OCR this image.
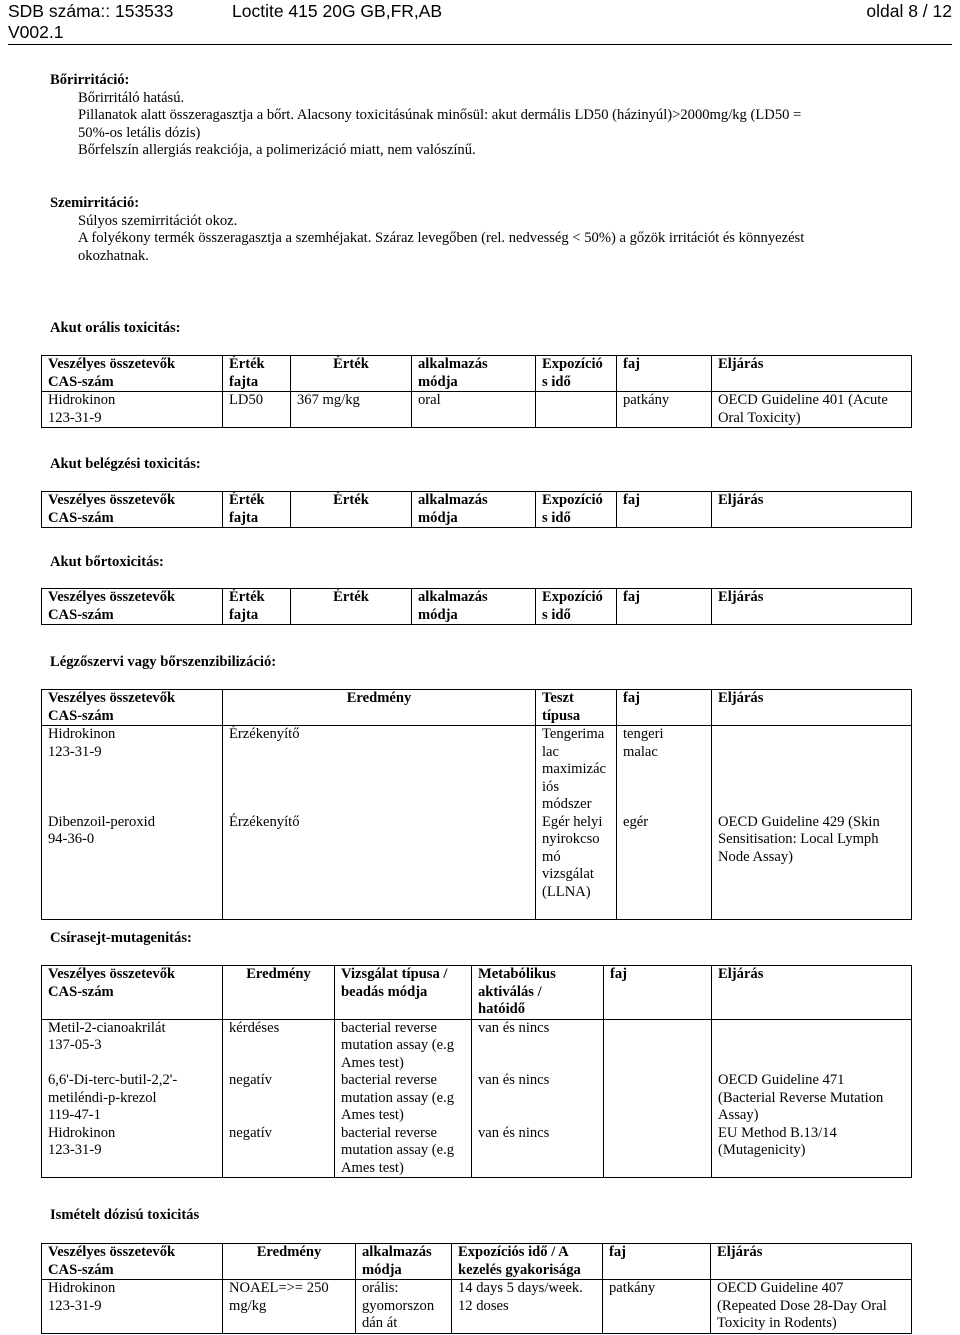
SDB száma:: 153533	Loctite 415 20G GB,FR,AB	oldal 8 / 12
V002.1
Bőrirritáció:
Bőrirritáló hatású.
Pillanatok alatt összeragasztja a bőrt. Alacsony toxicitásúnak minősül: akut dermális LD50 (házinyúl)>2000mg/kg (LD50 =
50%-os letális dózis)
Bőrfelszín allergiás reakciója, a polimerizáció miatt, nem valószínű.
Szemirritáció:
Súlyos szemirritációt okoz.
A folyékony termék összeragasztja a szemhéjakat. Száraz levegőben (rel. nedvesség < 50%) a gőzök irritációt és könnyezést
okozhatnak.
Akut orális toxicitás:
Veszélyes összetevők
CAS-szám	Érték
fajta	Érték	alkalmazás
módja	Expozíció
s idő	faj	Eljárás
Hidrokinon
123-31-9	LD50	367 mg/kg	oral		patkány	OECD Guideline 401 (Acute
Oral Toxicity)
Akut belégzési toxicitás:
Veszélyes összetevők
CAS-szám	Érték
fajta	Érték	alkalmazás
módja	Expozíció
s idő	faj	Eljárás
Akut bőrtoxicitás:
Veszélyes összetevők
CAS-szám	Érték
fajta	Érték	alkalmazás
módja	Expozíció
s idő	faj	Eljárás
Légzőszervi vagy bőrszenzibilizáció:
Veszélyes összetevők
CAS-szám	Eredmény	Teszt
típusa	faj	Eljárás
Hidrokinon
123-31-9	Érzékenyítő	Tengerima
lac
maximizác
iós
módszer	tengeri
malac	
Dibenzoil-peroxid
94-36-0	Érzékenyítő	Egér helyi
nyirokcso
mó
vizsgálat
(LLNA)	egér	OECD Guideline 429 (Skin
Sensitisation: Local Lymph
Node Assay)
Csírasejt-mutagenitás:
Veszélyes összetevők
CAS-szám	Eredmény	Vizsgálat típusa /
beadás módja	Metabólikus
aktiválás /
hatóidő	faj	Eljárás
Metil-2-cianoakrilát
137-05-3	kérdéses	bacterial reverse
mutation assay (e.g
Ames test)	van és nincs		
6,6'-Di-terc-butil-2,2'-
metiléndi-p-krezol
119-47-1	negatív	bacterial reverse
mutation assay (e.g
Ames test)	van és nincs		OECD Guideline 471
(Bacterial Reverse Mutation
Assay)
Hidrokinon
123-31-9	negatív	bacterial reverse
mutation assay (e.g
Ames test)	van és nincs		EU Method B.13/14
(Mutagenicity)
Ismételt dózisú toxicitás
Veszélyes összetevők
CAS-szám	Eredmény	alkalmazás
módja	Expozíciós idő / A
kezelés gyakorisága	faj	Eljárás
Hidrokinon
123-31-9	NOAEL=>= 250
mg/kg	orális:
gyomorszon
dán át	14 days 5 days/week.
12 doses	patkány	OECD Guideline 407
(Repeated Dose 28-Day Oral
Toxicity in Rodents)
